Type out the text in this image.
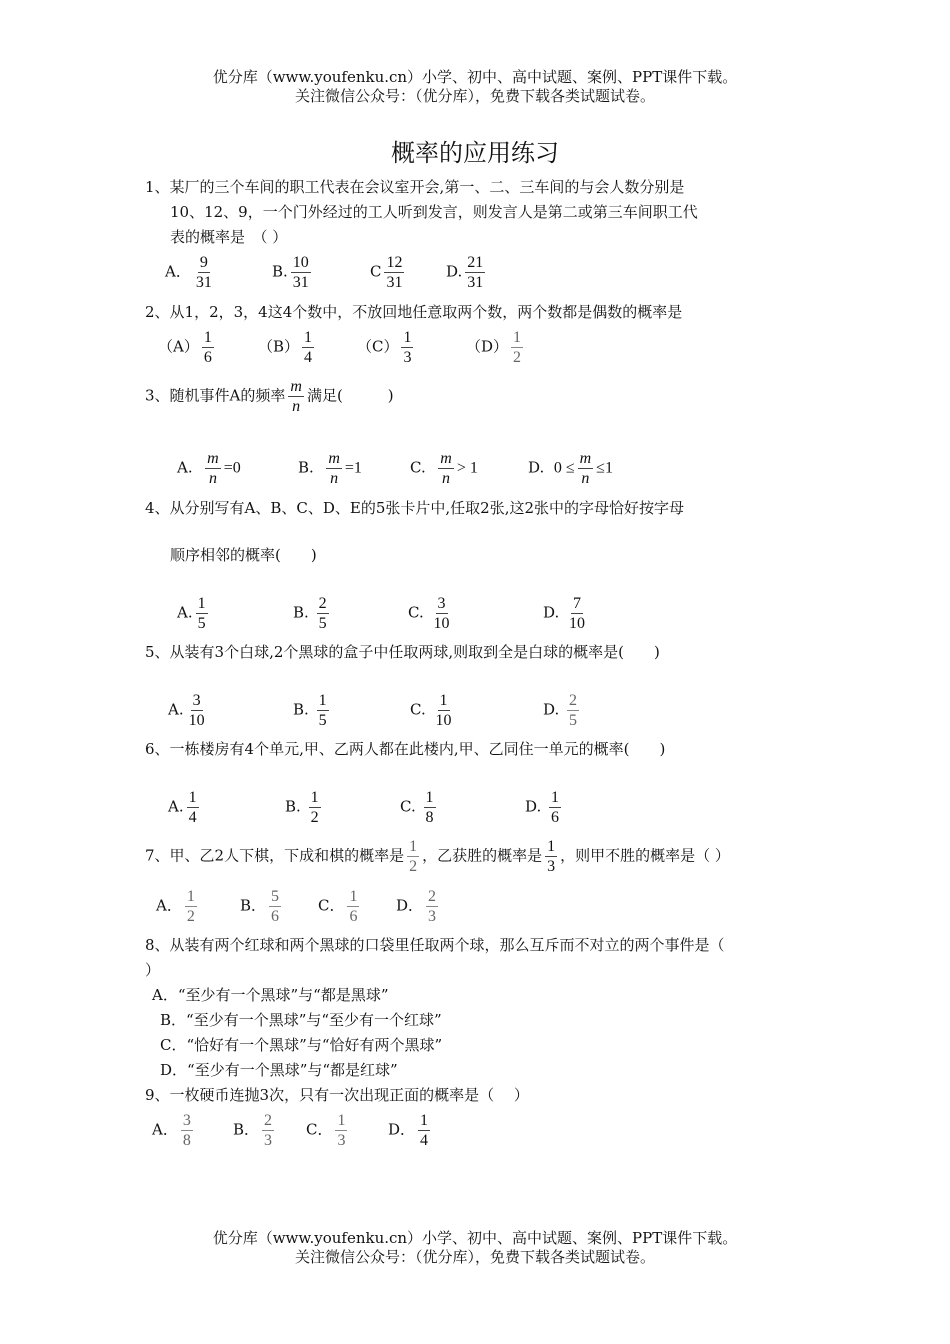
优分库（www.youfenku.cn）小学、初中、高中试题、案例、PPT课件下载。
关注微信公众号：（优分库），免费下载各类试题试卷。
概率的应用练习
1、某厂的三个车间的职工代表在会议室开会,第一、二、三车间的与会人数分别是
10、12、9，一个门外经过的工人听到发言，则发言人是第二或第三车间职工代
表的概率是　（ ）
A． $\frac{9}{31}$	B. $\frac{10}{31}$	C $\frac{12}{31}$	D. $\frac{21}{31}$
2、从1，2，3，4这4个数中，不放回地任意取两个数，两个数都是偶数的概率是
$(A) \frac{1}{6}$	$(B) \frac{1}{4}$	$(C) \frac{1}{3}$	$(D) \frac{1}{2}$
3、随机事件A的频率 $\frac{m}{n}$ 满足(　　　)
A. $\frac{m}{n} =0$	B. $\frac{m}{n} =1$	C. $\frac{m}{n} > 1$	D. $0 \le \frac{m}{n} \le 1$
4、从分别写有A、B、C、D、E的5张卡片中,任取2张,这2张中的字母恰好按字母
顺序相邻的概率(　　)
A. $\frac{1}{5}$	B. $\frac{2}{5}$	C. $\frac{3}{10}$	D. $\frac{7}{10}$
5、从装有3个白球,2个黑球的盒子中任取两球,则取到全是白球的概率是(　　)
A. $\frac{3}{10}$	B. $\frac{1}{5}$	C. $\frac{1}{10}$	D. $\frac{2}{5}$
6、一栋楼房有4个单元,甲、乙两人都在此楼内,甲、乙同住一单元的概率(　　)
A. $\frac{1}{4}$	B. $\frac{1}{2}$	C. $\frac{1}{8}$	D. $\frac{1}{6}$
7、甲、乙2人下棋，下成和棋的概率是 $\frac{1}{2}$ ，乙获胜的概率是 $\frac{1}{3}$ ，则甲不胜的概率是（ ）
A． $\frac{1}{2}$	B． $\frac{5}{6}$ C． $\frac{1}{6}$ D． $\frac{2}{3}$
8、从装有两个红球和两个黑球的口袋里任取两个球，那么互斥而不对立的两个事件是（
）
A．“至少有一个黑球”与“都是黑球”
B．“至少有一个黑球”与“至少有一个红球”
C．“恰好有一个黑球”与“恰好有两个黑球”
D．“至少有一个黑球”与“都是红球”
9、一枚硬币连抛3次，只有一次出现正面的概率是（　 ）
A． $\frac{3}{8}$	B． $\frac{2}{3}$ C． $\frac{1}{3}$	D． $\frac{1}{4}$
优分库（www.youfenku.cn）小学、初中、高中试题、案例、PPT课件下载。
关注微信公众号：（优分库），免费下载各类试题试卷。
